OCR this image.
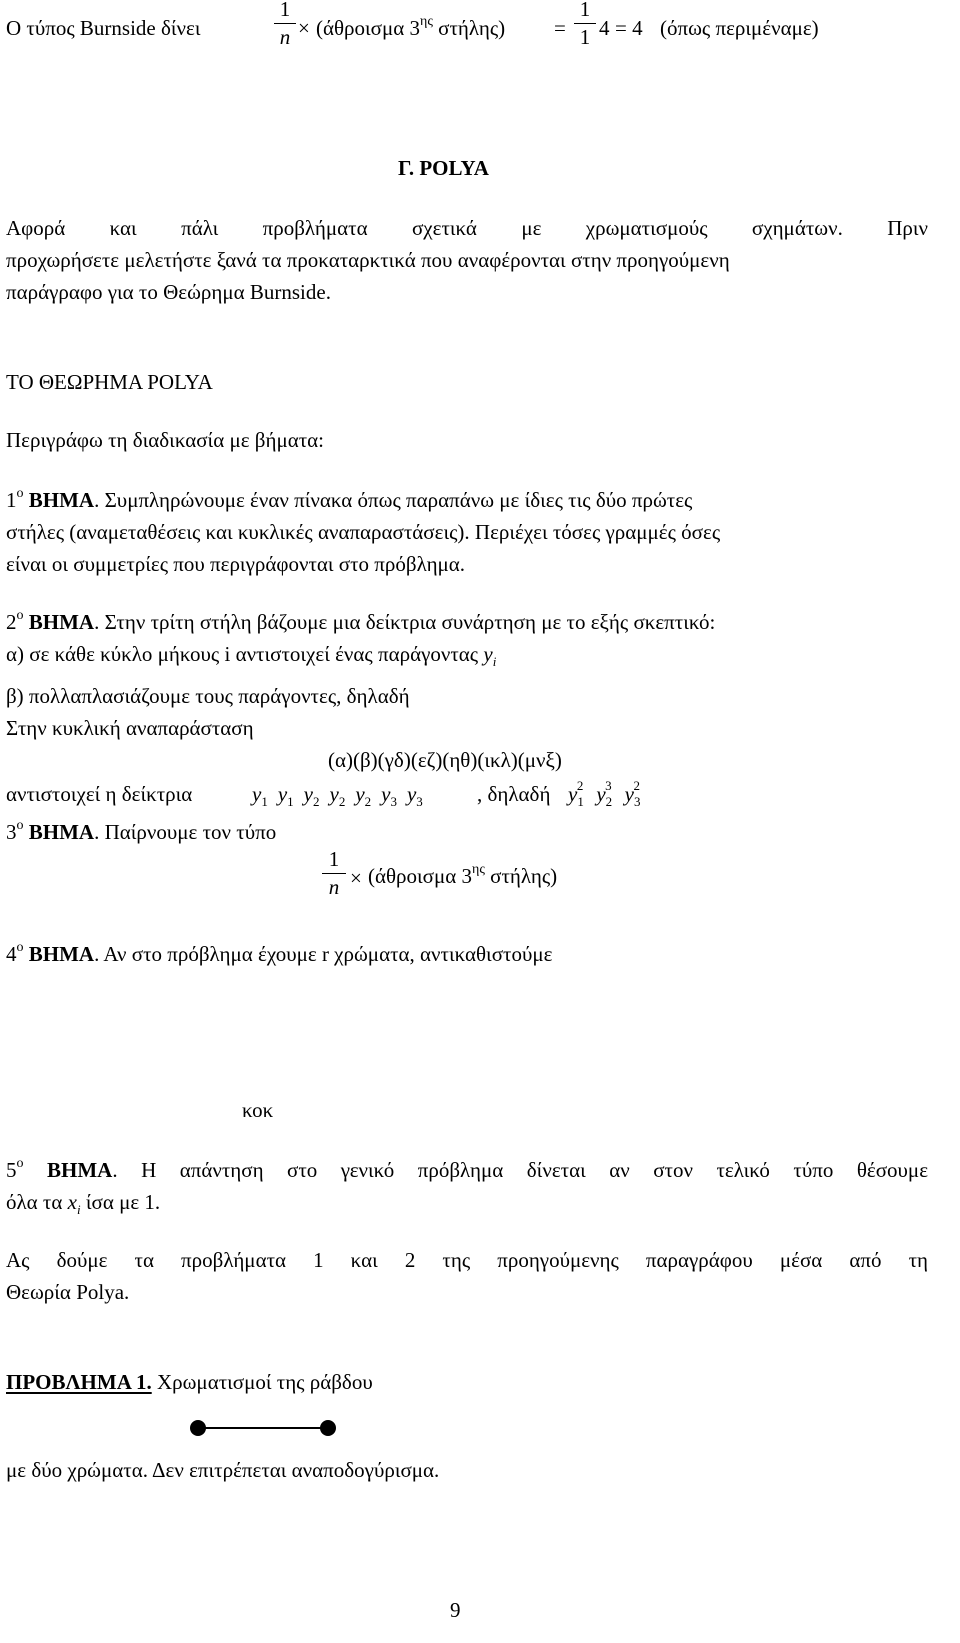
Ο τύπος Burnside δίνει
1
n × (άθροισμα $3^{\eta\varsigma}$ στήλης) =
1
1 4 = 4 (όπως περιμέναμε)
Γ. POLYA
Αφορά και πάλι προβλήματα σχετικά με χρωματισμούς σχημάτων. Πριν
προχωρήσετε μελετήστε ξανά τα προκαταρκτικά που αναφέρονται στην προηγούμενη
παράγραφο για το Θεώρημα Burnside.
ΤΟ ΘΕΩΡΗΜΑ POLYA
Περιγράφω τη διαδικασία με βήματα:
$1^o$ ΒΗΜΑ. Συμπληρώνουμε έναν πίνακα όπως παραπάνω με ίδιες τις δύο πρώτες
στήλες (αναμεταθέσεις και κυκλικές αναπαραστάσεις). Περιέχει τόσες γραμμές όσες
είναι οι συμμετρίες που περιγράφονται στο πρόβλημα.
$2^o$ ΒΗΜΑ. Στην τρίτη στήλη βάζουμε μια δείκτρια συνάρτηση με το εξής σκεπτικό:
α) σε κάθε κύκλο μήκους i αντιστοιχεί ένας παράγοντας $y_i$
β) πολλαπλασιάζουμε τους παράγοντες, δηλαδή
Στην κυκλική αναπαράσταση
(α)(β)(γδ)(εζ)(ηθ)(ικλ)(μνξ)
αντιστοιχεί η δείκτρια	$y_1$ $y_1$ $y_2$ $y_2$ $y_2$ $y_3$ $y_3$	, δηλαδή $y_1^2$ $y_2^3$ $y_3^2$
$3^o$ ΒΗΜΑ. Παίρνουμε τον τύπο
1
n × (άθροισμα $3^{\eta\varsigma}$ στήλης)
$4^o$ ΒΗΜΑ. Αν στο πρόβλημα έχουμε r χρώματα, αντικαθιστούμε
κοκ
$5^o$ ΒΗΜΑ. Η απάντηση στο γενικό πρόβλημα δίνεται αν στον τελικό τύπο θέσουμε
όλα τα $x_i$ ίσα με 1.
Ας δούμε τα προβλήματα 1 και 2 της προηγούμενης παραγράφου μέσα από τη
Θεωρία Polya.
ΠΡΟΒΛΗΜΑ 1. Χρωματισμοί της ράβδου
με δύο χρώματα. Δεν επιτρέπεται αναποδογύρισμα.
9
